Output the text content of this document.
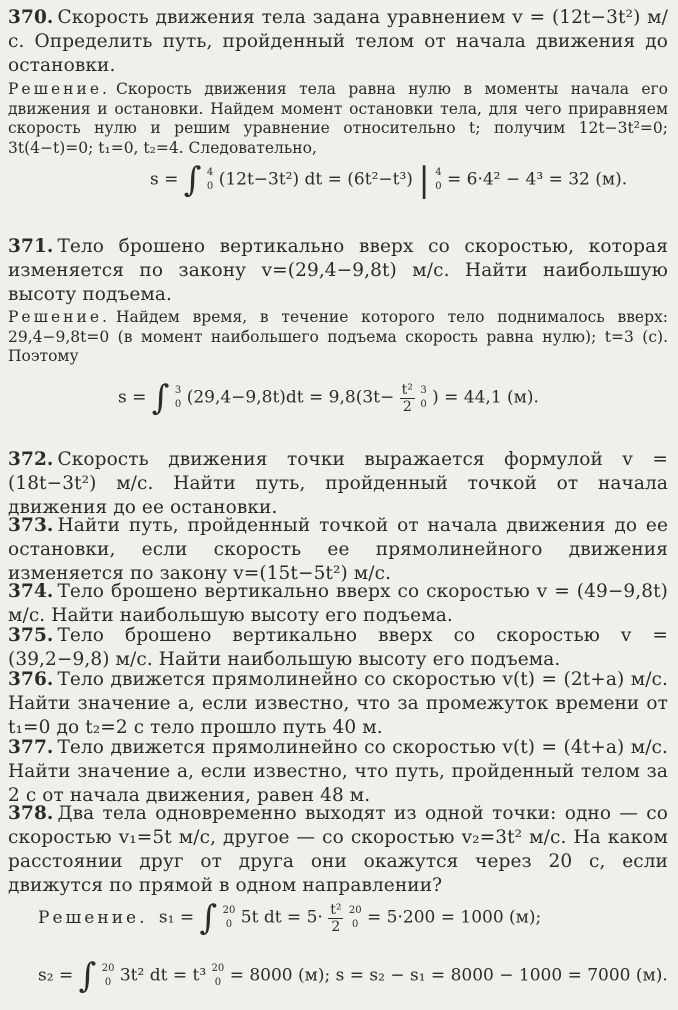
370. Скорость движения тела задана уравнением v = (12t−3t²) м/с. Определить путь, пройденный телом от начала движения до остановки.

Решение. Скорость движения тела равна нулю в моменты начала его движения и остановки. Найдем момент остановки тела, для чего приравняем скорость нулю и решим уравнение относительно t; получим 12t−3t²=0; 3t(4−t)=0; t₁=0, t₂=4. Следовательно,

s = ∫ 4
0 (12t−3t²) dt = (6t²−t³) | 4
0 = 6·4² − 4³ = 32 (м).

371. Тело брошено вертикально вверх со скоростью, которая изменяется по закону v=(29,4−9,8t) м/с. Найти наибольшую высоту подъема.

Решение. Найдем время, в течение которого тело поднималось вверх: 29,4−9,8t=0 (в момент наибольшего подъема скорость равна нулю); t=3 (с). Поэтому

s = ∫ 3
0 $(29,4-9,8t)dt = 9,8(3t- \frac{\text{t²}}{2} 3$
0 ) = 44,1 (м).

372. Скорость движения точки выражается формулой v = (18t−3t²) м/с. Найти путь, пройденный точкой от начала движения до ее остановки.

373. Найти путь, пройденный точкой от начала движения до ее остановки, если скорость ее прямолинейного движения изменяется по закону v=(15t−5t²) м/с.

374. Тело брошено вертикально вверх со скоростью v = (49−9,8t) м/с. Найти наибольшую высоту его подъема.

375. Тело брошено вертикально вверх со скоростью v = (39,2−9,8) м/с. Найти наибольшую высоту его подъема.

376. Тело движется прямолинейно со скоростью v(t) = (2t+a) м/с. Найти значение a, если известно, что за промежуток времени от t₁=0 до t₂=2 с тело прошло путь 40 м.

377. Тело движется прямолинейно со скоростью v(t) = (4t+a) м/с. Найти значение a, если известно, что путь, пройденный телом за 2 с от начала движения, равен 48 м.

378. Два тела одновременно выходят из одной точки: одно — со скоростью v₁=5t м/с, другое — со скоростью v₂=3t² м/с. На каком расстоянии друг от друга они окажутся через 20 с, если движутся по прямой в одном направлении?

Решение. s₁ = ∫ 20
0 5t dt = $5\cdot \frac{\text{t²}}{2} 20$
0 = 5·200 = 1000 (м);
s₂ = ∫ 20
0 3t² dt = t³ 20
0 = 8000 (м); s = s₂ − s₁ = 8000 − 1000 = 7000 (м).
